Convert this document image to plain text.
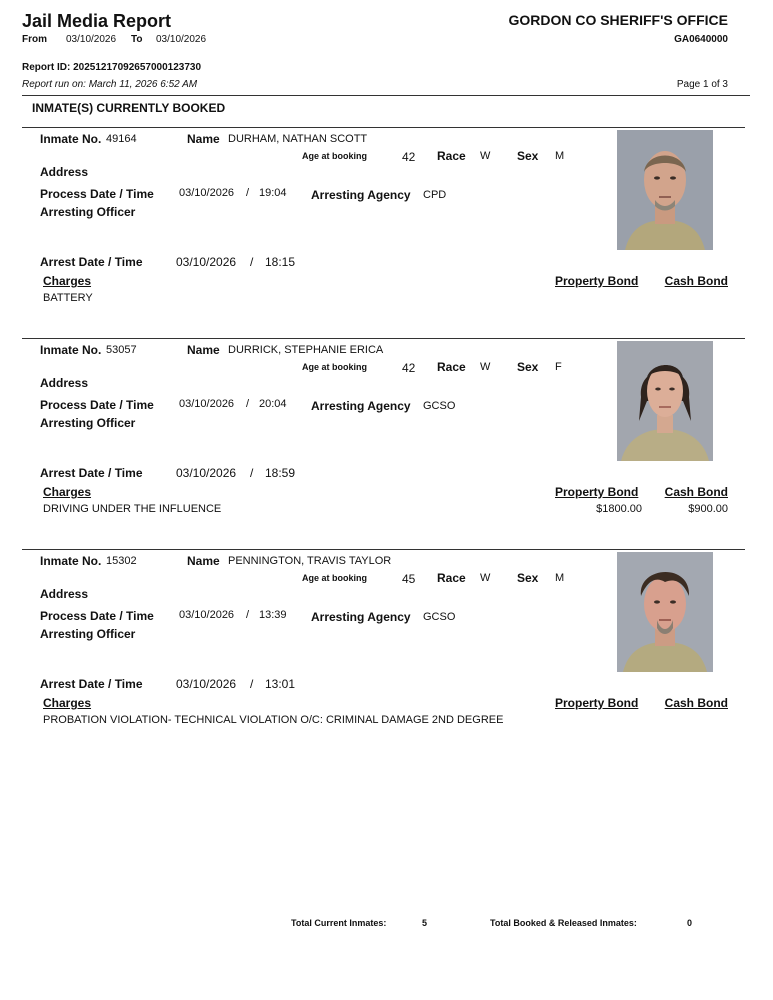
Jail Media Report
From 03/10/2026 To 03/10/2026
GORDON CO SHERIFF'S OFFICE
GA0640000
Report ID: 20251217092657000123730
Report run on: March 11, 2026 6:52 AM	Page 1 of 3
INMATE(S) CURRENTLY BOOKED
Inmate No. 49164	Name DURHAM, NATHAN SCOTT
Age at booking	42 Race W Sex M
Address
Process Date / Time 03/10/2026 / 19:04 Arresting Agency CPD
Arresting Officer
Arrest Date / Time	03/10/2026 / 18:15
Charges	Property Bond Cash Bond
BATTERY
Inmate No. 53057	Name DURRICK, STEPHANIE ERICA
Age at booking	42 Race W Sex F
Address
Process Date / Time 03/10/2026 / 20:04 Arresting Agency GCSO
Arresting Officer
Arrest Date / Time	03/10/2026 / 18:59
Charges	Property Bond Cash Bond
DRIVING UNDER THE INFLUENCE	$1800.00	$900.00
Inmate No. 15302	Name PENNINGTON, TRAVIS TAYLOR
Age at booking	45 Race W Sex M
Address
Process Date / Time 03/10/2026 / 13:39 Arresting Agency GCSO
Arresting Officer
Arrest Date / Time	03/10/2026 / 13:01
Charges	Property Bond Cash Bond
PROBATION VIOLATION- TECHNICAL VIOLATION O/C: CRIMINAL DAMAGE 2ND DEGREE
Total Current Inmates:	5	Total Booked & Released Inmates:	0
